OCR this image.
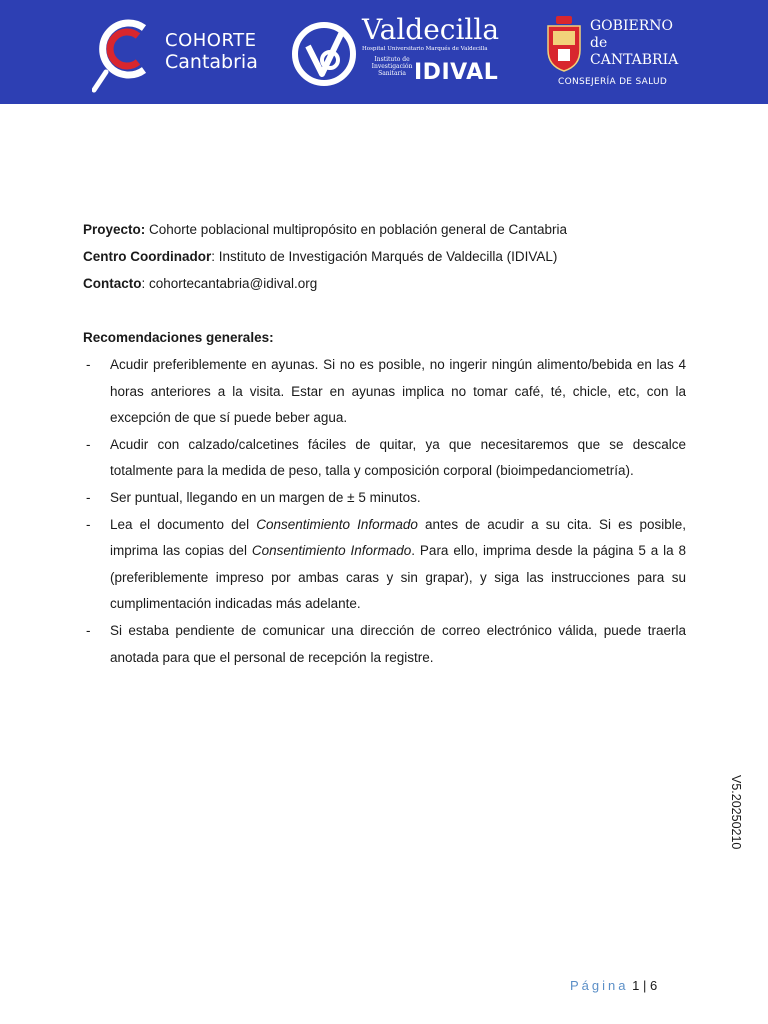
COHORTE
Cantabria
Valdecilla
Hospital Universitario Marqués de Valdecilla
Instituto de Investigación Sanitaria IDIVAL
GOBIERNO
de
CANTABRIA
CONSEJERÍA DE SALUD
Proyecto: Cohorte poblacional multipropósito en población general de Cantabria
Centro Coordinador: Instituto de Investigación Marqués de Valdecilla (IDIVAL)
Contacto: cohortecantabria@idival.org
Recomendaciones generales:
- Acudir preferiblemente en ayunas. Si no es posible, no ingerir ningún alimento/bebida en las 4 horas anteriores a la visita. Estar en ayunas implica no tomar café, té, chicle, etc, con la excepción de que sí puede beber agua.
- Acudir con calzado/calcetines fáciles de quitar, ya que necesitaremos que se descalce totalmente para la medida de peso, talla y composición corporal (bioimpedanciometría).
- Ser puntual, llegando en un margen de ± 5 minutos.
- Lea el documento del Consentimiento Informado antes de acudir a su cita. Si es posible, imprima las copias del Consentimiento Informado. Para ello, imprima desde la página 5 a la 8 (preferiblemente impreso por ambas caras y sin grapar), y siga las instrucciones para su cumplimentación indicadas más adelante.
- Si estaba pendiente de comunicar una dirección de correo electrónico válida, puede traerla anotada para que el personal de recepción la registre.
V5.20250210
Página 1 | 6
